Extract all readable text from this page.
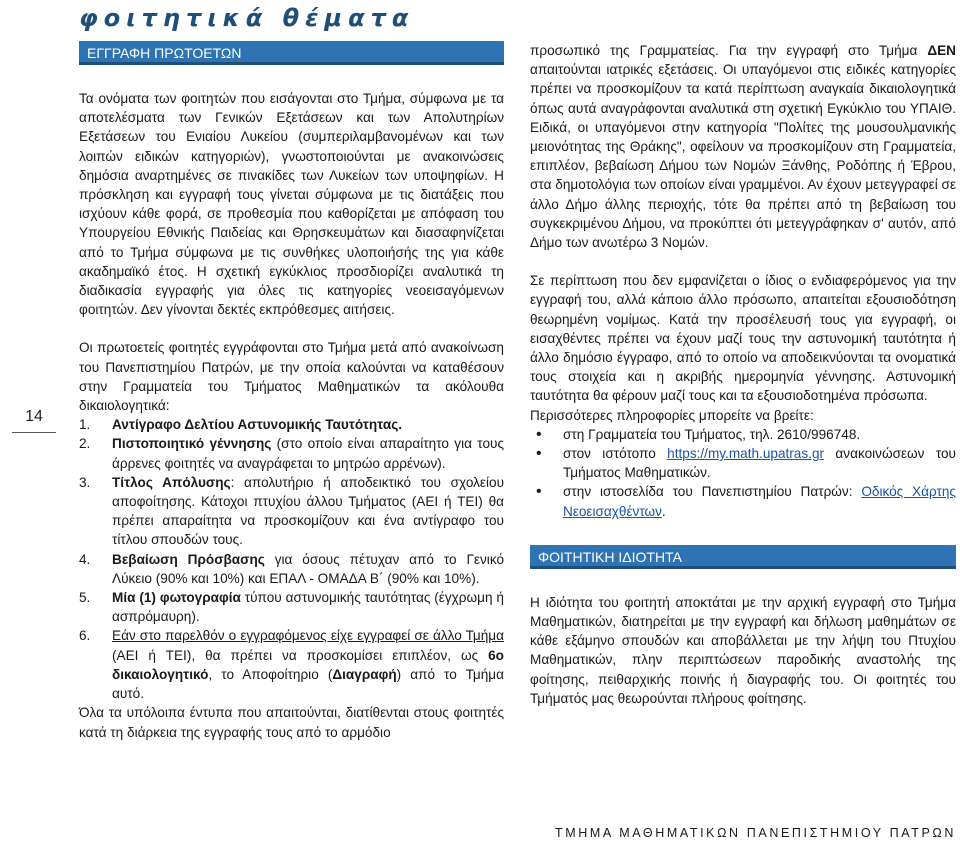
φοιτητικά θέματα
14
ΕΓΓΡΑΦΗ ΠΡΩΤΟΕΤΩΝ

Τα ονόματα των φοιτητών που εισάγονται στο Τμήμα, σύμφωνα με τα αποτελέσματα των Γενικών Εξετάσεων και των Απολυτηρίων Εξετάσεων του Ενιαίου Λυκείου (συμπεριλαμβανομένων και των λοιπών ειδικών κατηγοριών), γνωστοποιούνται με ανακοινώσεις δημόσια αναρτημένες σε πινακίδες των Λυκείων των υποψηφίων. Η πρόσκληση και εγγραφή τους γίνεται σύμφωνα με τις διατάξεις που ισχύουν κάθε φορά, σε προθεσμία που καθορίζεται με απόφαση του Υπουργείου Εθνικής Παιδείας και Θρησκευμάτων και διασαφηνίζεται από το Τμήμα σύμφωνα με τις συνθήκες υλοποιήσής της για κάθε ακαδημαϊκό έτος. Η σχετική εγκύκλιος προσδιορίζει αναλυτικά τη διαδικασία εγγραφής για όλες τις κατηγορίες νεοεισαγόμενων φοιτητών. Δεν γίνονται δεκτές εκπρόθεσμες αιτήσεις.

Οι πρωτοετείς φοιτητές εγγράφονται στο Τμήμα μετά από ανακοίνωση του Πανεπιστημίου Πατρών, με την οποία καλούνται να καταθέσουν στην Γραμματεία του Τμήματος Μαθηματικών τα ακόλουθα δικαιολογητικά:

1. Αντίγραφο Δελτίου Αστυνομικής Ταυτότητας.
2. Πιστοποιητικό γέννησης (στο οποίο είναι απαραίτητο για τους άρρενες φοιτητές να αναγράφεται το μητρώο αρρένων).
3. Τίτλος Απόλυσης: απολυτήριο ή αποδεικτικό του σχολείου αποφοίτησης. Κάτοχοι πτυχίου άλλου Τμήματος (ΑΕΙ ή ΤΕΙ) θα πρέπει απαραίτητα να προσκομίζουν και ένα αντίγραφο του τίτλου σπουδών τους.
4. Βεβαίωση Πρόσβασης για όσους πέτυχαν από το Γενικό Λύκειο (90% και 10%) και ΕΠΑΛ - ΟΜΑΔΑ Β΄ (90% και 10%).
5. Μία (1) φωτογραφία τύπου αστυνομικής ταυτότητας (έγχρωμη ή ασπρόμαυρη).
6. Εάν στο παρελθόν ο εγγραφόμενος είχε εγγραφεί σε άλλο Τμήμα (ΑΕΙ ή ΤΕΙ), θα πρέπει να προσκομίσει επιπλέον, ως 6ο δικαιολογητικό, το Αποφοίτηριο (Διαγραφή) από το Τμήμα αυτό.

Όλα τα υπόλοιπα έντυπα που απαιτούνται, διατίθενται στους φοιτητές κατά τη διάρκεια της εγγραφής τους από το αρμόδιο

προσωπικό της Γραμματείας. Για την εγγραφή στο Τμήμα ΔΕΝ απαιτούνται ιατρικές εξετάσεις. Οι υπαγόμενοι στις ειδικές κατηγορίες πρέπει να προσκομίζουν τα κατά περίπτωση αναγκαία δικαιολογητικά όπως αυτά αναγράφονται αναλυτικά στη σχετική Εγκύκλιο του ΥΠΑΙΘ. Ειδικά, οι υπαγόμενοι στην κατηγορία "Πολίτες της μουσουλμανικής μειονότητας της Θράκης", οφείλουν να προσκομίζουν στη Γραμματεία, επιπλέον, βεβαίωση Δήμου των Νομών Ξάνθης, Ροδόπης ή Έβρου, στα δημοτολόγια των οποίων είναι γραμμένοι. Αν έχουν μετεγγραφεί σε άλλο Δήμο άλλης περιοχής, τότε θα πρέπει από τη βεβαίωση του συγκεκριμένου Δήμου, να προκύπτει ότι μετεγγράφηκαν σ' αυτόν, από Δήμο των ανωτέρω 3 Νομών.

Σε περίπτωση που δεν εμφανίζεται ο ίδιος ο ενδιαφερόμενος για την εγγραφή του, αλλά κάποιο άλλο πρόσωπο, απαιτείται εξουσιοδότηση θεωρημένη νομίμως. Κατά την προσέλευσή τους για εγγραφή, οι εισαχθέντες πρέπει να έχουν μαζί τους την αστυνομική ταυτότητα ή άλλο δημόσιο έγγραφο, από το οποίο να αποδεικνύονται τα ονοματικά τους στοιχεία και η ακριβής ημερομηνία γέννησης. Αστυνομική ταυτότητα θα φέρουν μαζί τους και τα εξουσιοδοτημένα πρόσωπα.

Περισσότερες πληροφορίες μπορείτε να βρείτε:

• στη Γραμματεία του Τμήματος, τηλ. 2610/996748.
• στον ιστότοπο https://my.math.upatras.gr ανακοινώσεων του Τμήματος Μαθηματικών.
• στην ιστοσελίδα του Πανεπιστημίου Πατρών: Οδικός Χάρτης Νεοεισαχθέντων.
ΦΟΙΤΗΤΙΚΗ ΙΔΙΟΤΗΤΑ

Η ιδιότητα του φοιτητή αποκτάται με την αρχική εγγραφή στο Τμήμα Μαθηματικών, διατηρείται με την εγγραφή και δήλωση μαθημάτων σε κάθε εξάμηνο σπουδών και αποβάλλεται με την λήψη του Πτυχίου Μαθηματικών, πλην περιπτώσεων παροδικής αναστολής της φοίτησης, πειθαρχικής ποινής ή διαγραφής του. Οι φοιτητές του Τμήματός μας θεωρούνται πλήρους φοίτησης.

ΤΜΗΜΑ ΜΑΘΗΜΑΤΙΚΩΝ ΠΑΝΕΠΙΣΤΗΜΙΟΥ ΠΑΤΡΩΝ
